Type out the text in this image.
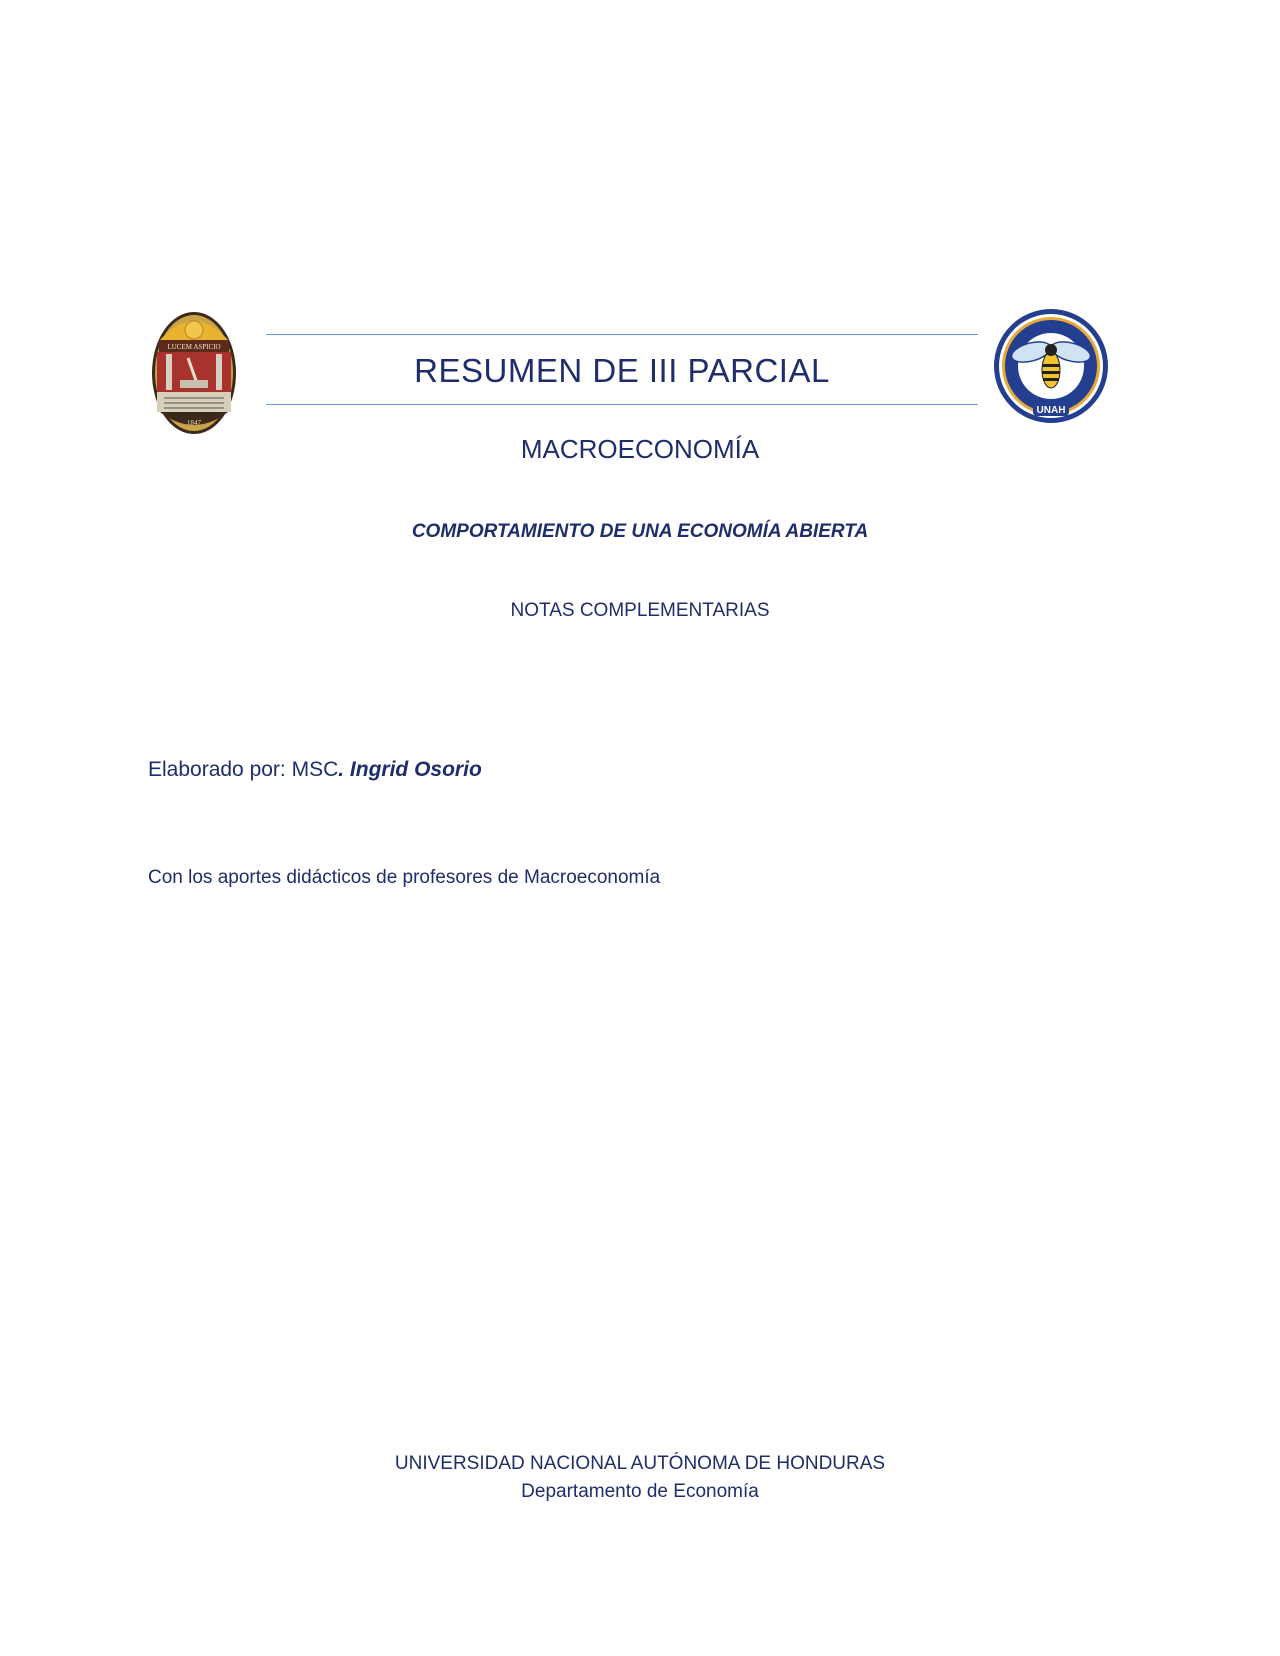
LUCEM ASPICIO
1847
UNAH
RESUMEN DE III PARCIAL
MACROECONOMÍA
COMPORTAMIENTO DE UNA ECONOMÍA ABIERTA
NOTAS COMPLEMENTARIAS
Elaborado por: MSC. Ingrid Osorio
Con los aportes didácticos de profesores de Macroeconomía
UNIVERSIDAD NACIONAL AUTÓNOMA DE HONDURAS
Departamento de Economía
